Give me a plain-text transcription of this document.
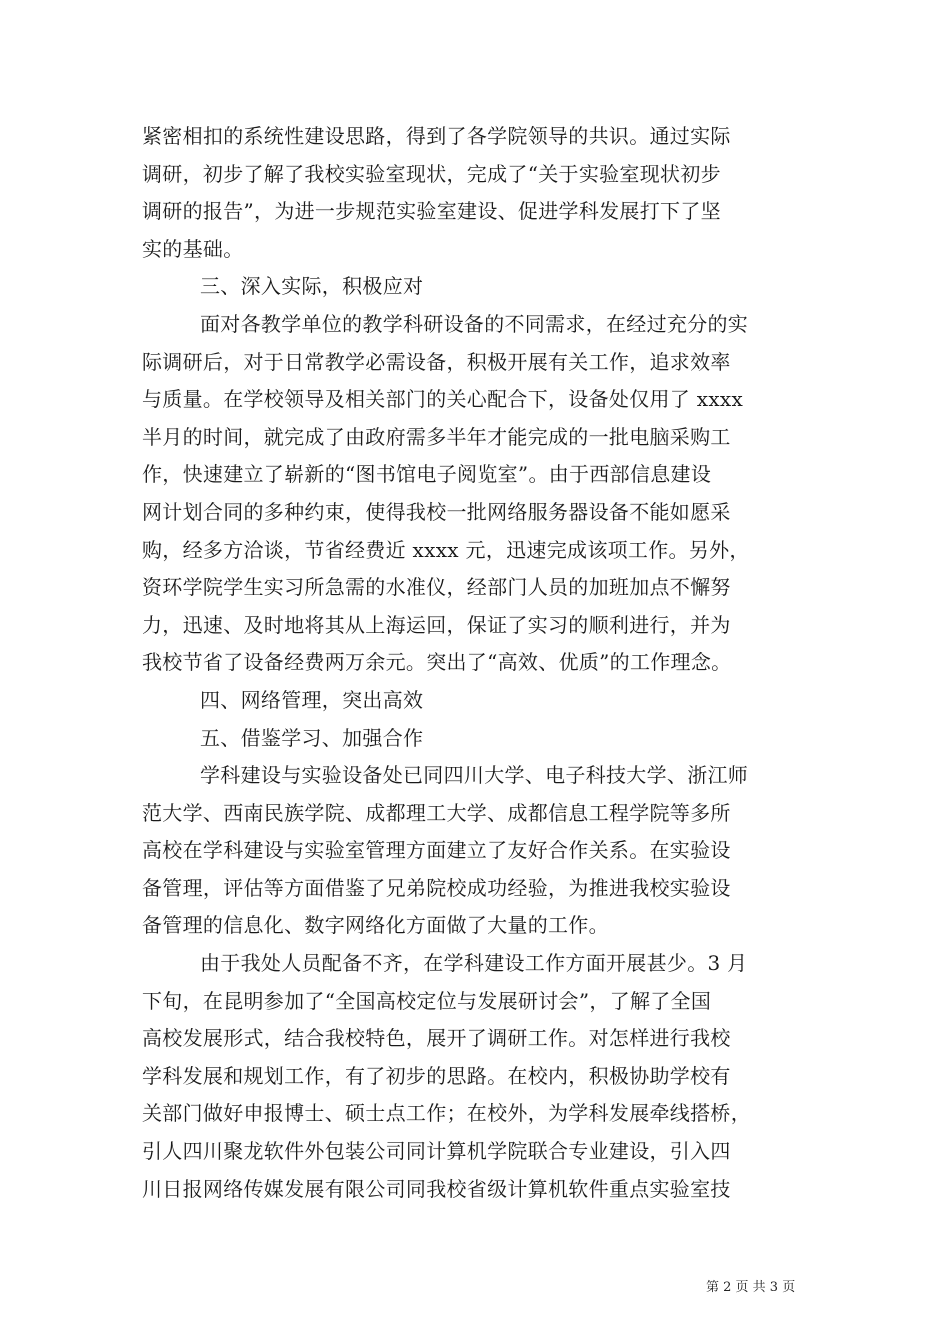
紧密相扣的系统性建设思路，得到了各学院领导的共识。通过实际
调研，初步了解了我校实验室现状，完成了“关于实验室现状初步
调研的报告”，为进一步规范实验室建设、促进学科发展打下了坚
实的基础。
三、深入实际，积极应对
面对各教学单位的教学科研设备的不同需求，在经过充分的实
际调研后，对于日常教学必需设备，积极开展有关工作，追求效率
与质量。在学校领导及相关部门的关心配合下，设备处仅用了 xxxx
半月的时间，就完成了由政府需多半年才能完成的一批电脑采购工
作，快速建立了崭新的“图书馆电子阅览室”。由于西部信息建设
网计划合同的多种约束，使得我校一批网络服务器设备不能如愿采
购，经多方洽谈，节省经费近 xxxx 元，迅速完成该项工作。另外，
资环学院学生实习所急需的水准仪，经部门人员的加班加点不懈努
力，迅速、及时地将其从上海运回，保证了实习的顺利进行，并为
我校节省了设备经费两万余元。突出了“高效、优质”的工作理念。
四、网络管理，突出高效
五、借鉴学习、加强合作
学科建设与实验设备处已同四川大学、电子科技大学、浙江师
范大学、西南民族学院、成都理工大学、成都信息工程学院等多所
高校在学科建设与实验室管理方面建立了友好合作关系。在实验设
备管理，评估等方面借鉴了兄弟院校成功经验，为推进我校实验设
备管理的信息化、数字网络化方面做了大量的工作。
由于我处人员配备不齐，在学科建设工作方面开展甚少。3 月
下旬，在昆明参加了“全国高校定位与发展研讨会”，了解了全国
高校发展形式，结合我校特色，展开了调研工作。对怎样进行我校
学科发展和规划工作，有了初步的思路。在校内，积极协助学校有
关部门做好申报博士、硕士点工作；在校外，为学科发展牵线搭桥，
引人四川聚龙软件外包装公司同计算机学院联合专业建设，引入四
川日报网络传媒发展有限公司同我校省级计算机软件重点实验室技
第 2 页 共 3 页
